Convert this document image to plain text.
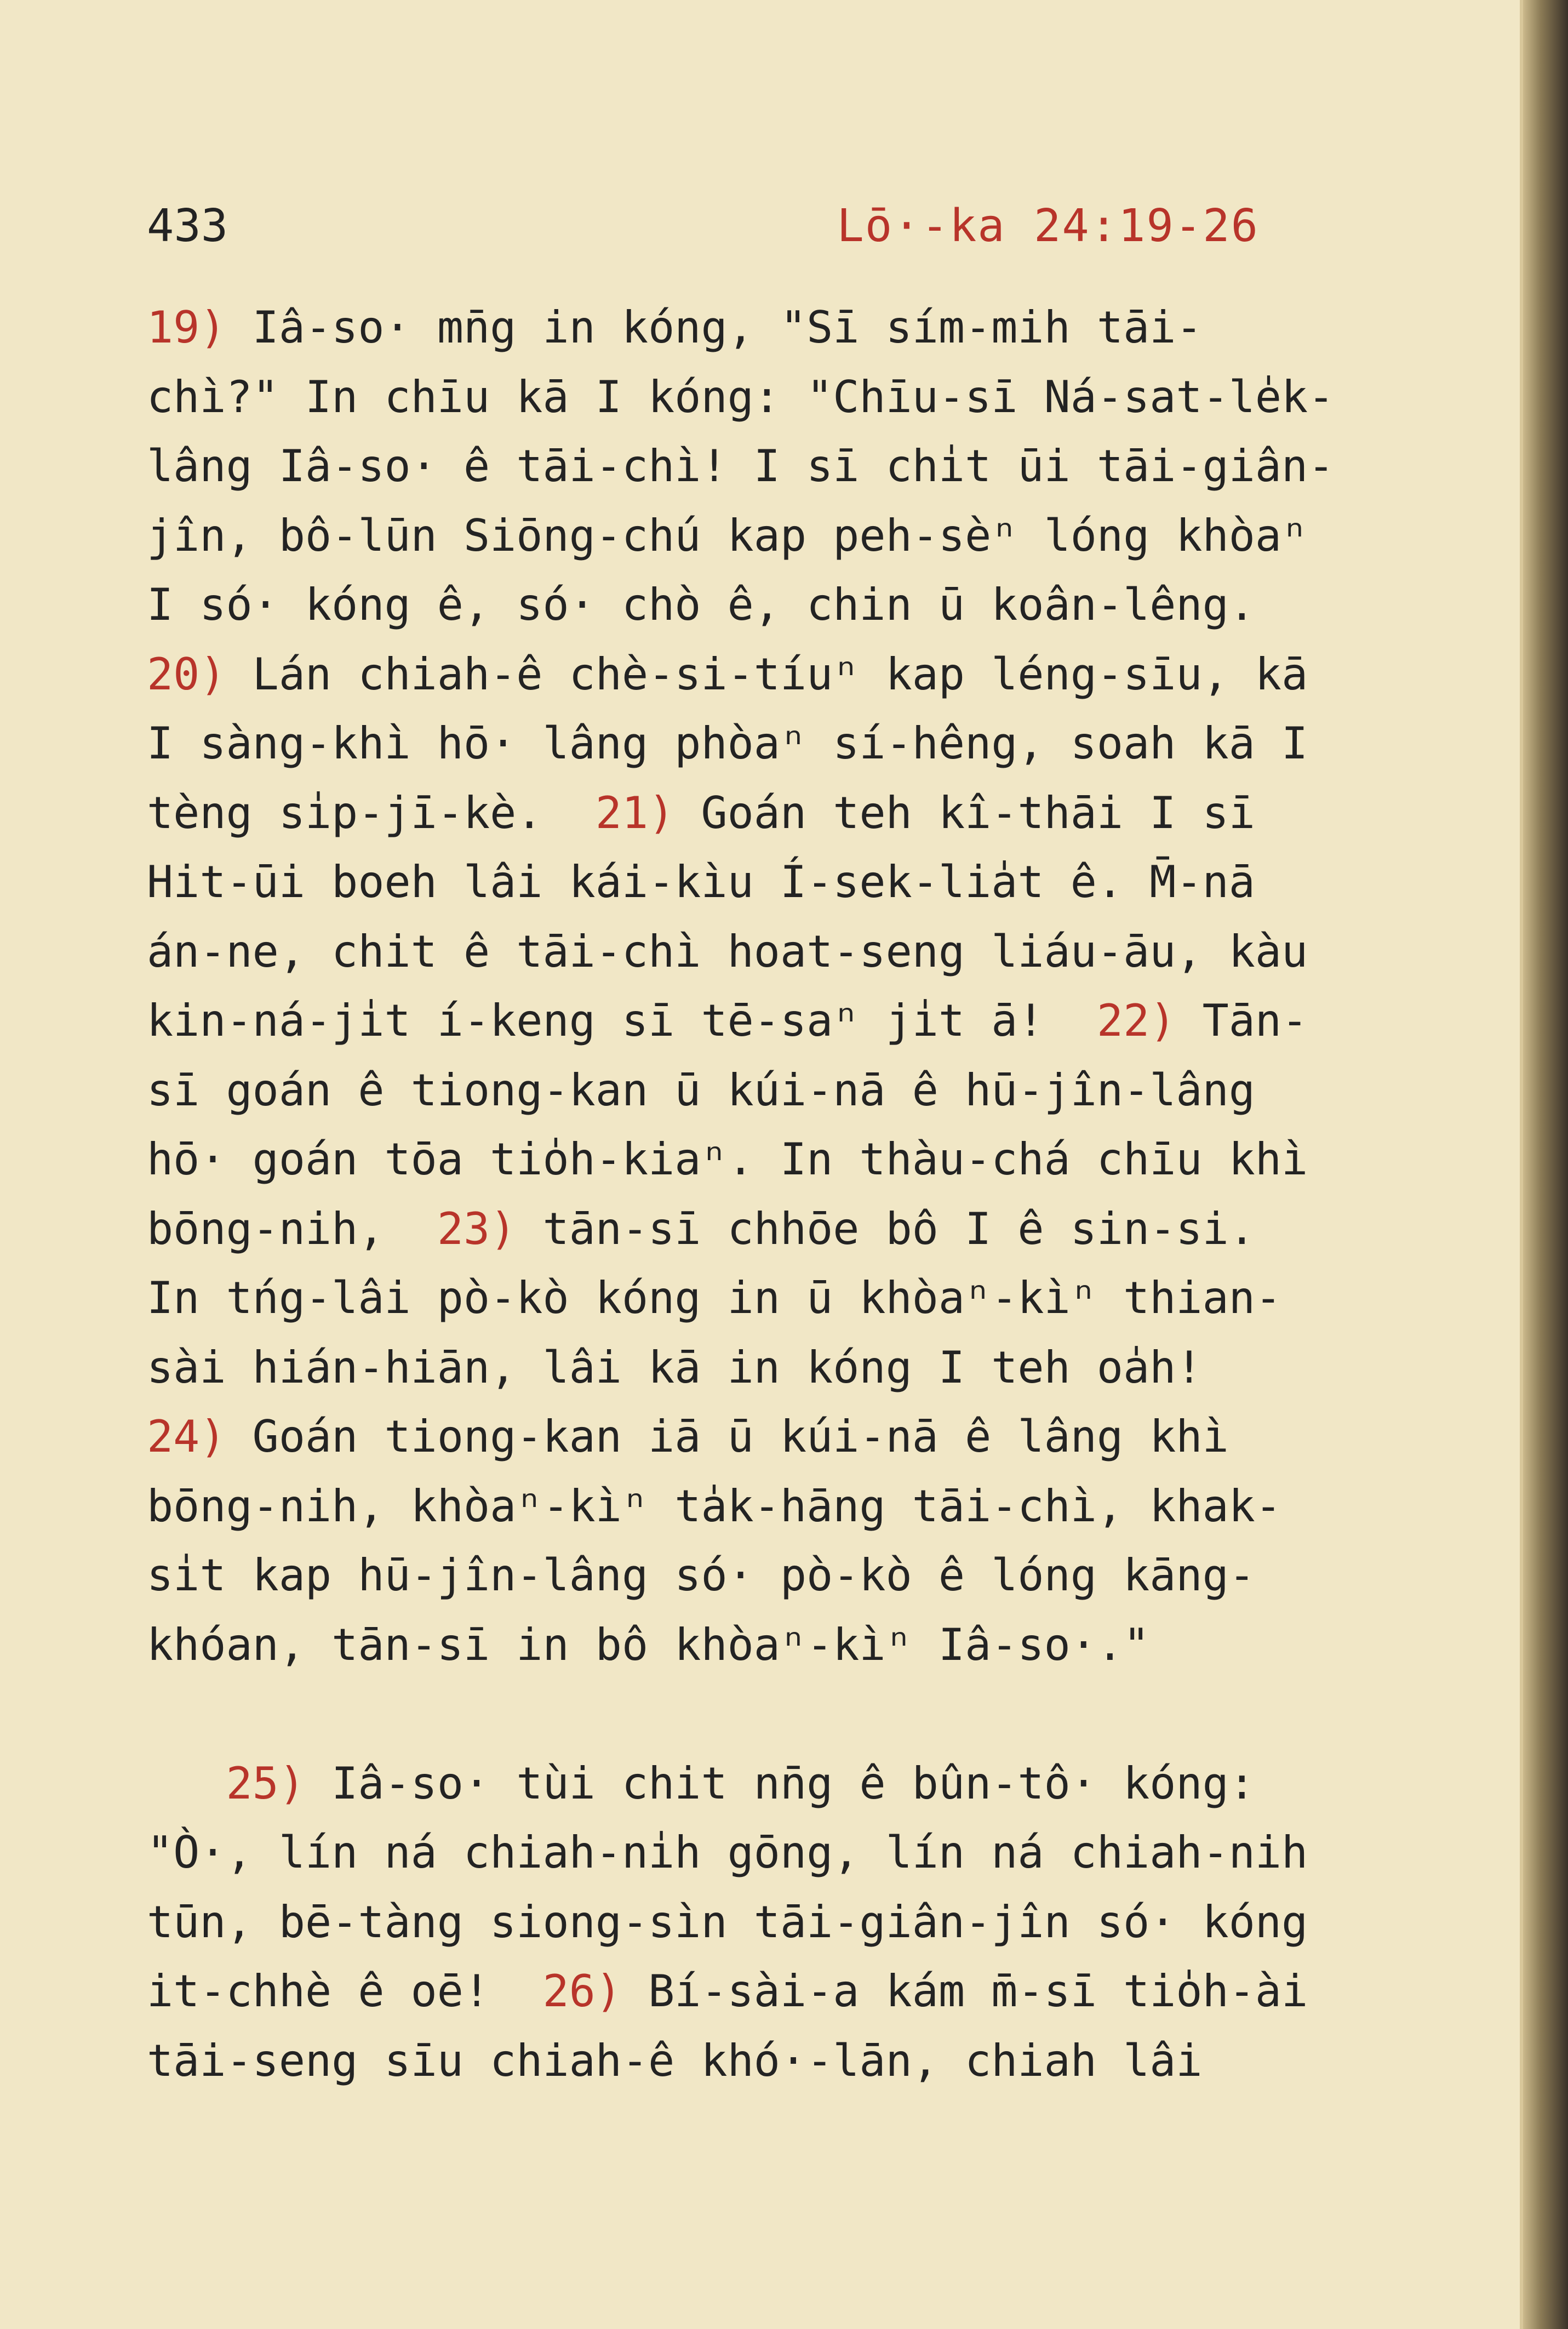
433	Lō·-ka 24:19-26
19) Iâ-so· mn̄g in kóng, "Sī sím-mih tāi-
chì?" In chīu kā I kóng: "Chīu-sī Ná-sat-le̍k-
lâng Iâ-so· ê tāi-chì! I sī chi̍t ūi tāi-giân-
jîn, bô-lūn Siōng-chú kap peh-sèⁿ lóng khòaⁿ
I só· kóng ê, só· chò ê, chin ū koân-lêng.
20) Lán chiah-ê chè-si-tíuⁿ kap léng-sīu, kā
I sàng-khì hō· lâng phòaⁿ sí-hêng, soah kā I
tèng si̍p-jī-kè.  21) Goán teh kî-thāi I sī
Hit-ūi boeh lâi kái-kìu Í-sek-lia̍t ê. M̄-nā
án-ne, chit ê tāi-chì hoat-seng liáu-āu, kàu
kin-ná-ji̍t í-keng sī tē-saⁿ ji̍t ā!  22) Tān-
sī goán ê tiong-kan ū kúi-nā ê hū-jîn-lâng
hō· goán tōa tio̍h-kiaⁿ. In thàu-chá chīu khì
bōng-nih,  23) tān-sī chhōe bô I ê sin-si.
In tńg-lâi pò-kò kóng in ū khòaⁿ-kìⁿ thian-
sài hián-hiān, lâi kā in kóng I teh oa̍h!
24) Goán tiong-kan iā ū kúi-nā ê lâng khì
bōng-nih, khòaⁿ-kìⁿ ta̍k-hāng tāi-chì, khak-
si̍t kap hū-jîn-lâng só· pò-kò ê lóng kāng-
khóan, tān-sī in bô khòaⁿ-kìⁿ Iâ-so·."
25) Iâ-so· tùi chit nn̄g ê bûn-tô· kóng:
"Ò·, lín ná chiah-ni̍h gōng, lín ná chiah-nih
tūn, bē-tàng siong-sìn tāi-giân-jîn só· kóng
it-chhè ê oē!  26) Bí-sài-a kám m̄-sī tio̍h-ài
tāi-seng sīu chiah-ê khó·-lān, chiah lâi
